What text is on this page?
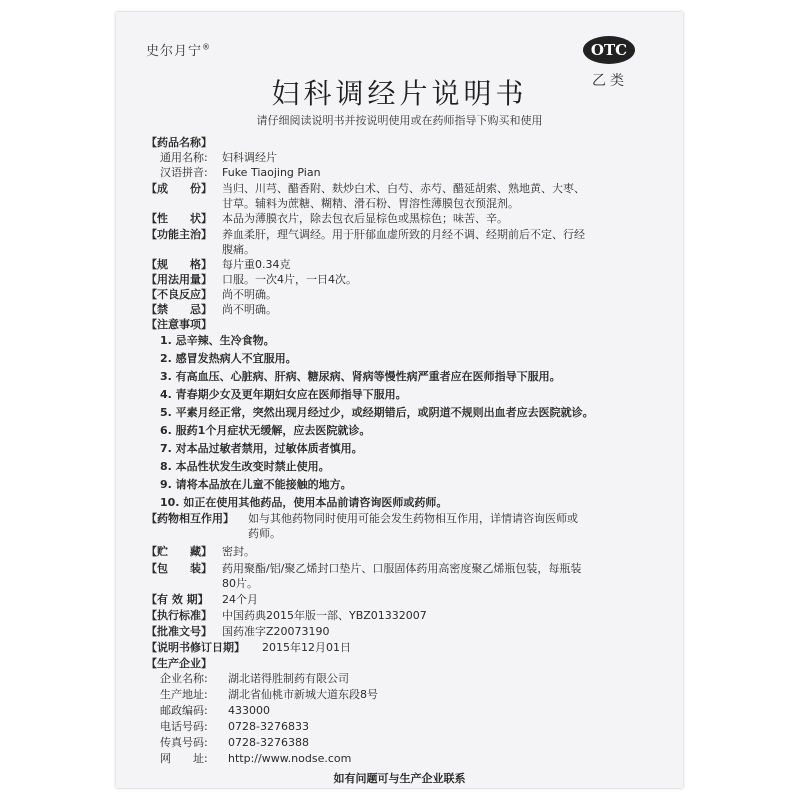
史尔月宁®	OTC
乙类
妇科调经片说明书
请仔细阅读说明书并按说明使用或在药师指导下购买和使用
【药品名称】
通用名称: 妇科调经片
汉语拼音: Fuke Tiaojing Pian
【成　　份】 当归、川芎、醋香附、麸炒白术、白芍、赤芍、醋延胡索、熟地黄、大枣、
甘草。辅料为蔗糖、糊精、滑石粉、胃溶性薄膜包衣预混剂。
【性　　状】 本品为薄膜衣片，除去包衣后显棕色或黑棕色；味苦、辛。
【功能主治】 养血柔肝，理气调经。用于肝郁血虚所致的月经不调、经期前后不定、行经
腹痛。
【规　　格】 每片重0.34克
【用法用量】 口服。一次4片，一日4次。
【不良反应】 尚不明确。
【禁　　忌】 尚不明确。
【注意事项】
1. 忌辛辣、生冷食物。
2. 感冒发热病人不宜服用。
3. 有高血压、心脏病、肝病、糖尿病、肾病等慢性病严重者应在医师指导下服用。
4. 青春期少女及更年期妇女应在医师指导下服用。
5. 平素月经正常，突然出现月经过少，或经期错后，或阴道不规则出血者应去医院就诊。
6. 服药1个月症状无缓解，应去医院就诊。
7. 对本品过敏者禁用，过敏体质者慎用。
8. 本品性状发生改变时禁止使用。
9. 请将本品放在儿童不能接触的地方。
10. 如正在使用其他药品，使用本品前请咨询医师或药师。
【药物相互作用】 如与其他药物同时使用可能会发生药物相互作用，详情请咨询医师或
药师。
【贮　　藏】 密封。
【包　　装】 药用聚酯/铝/聚乙烯封口垫片、口服固体药用高密度聚乙烯瓶包装，每瓶装
80片。
【有 效 期】 24个月
【执行标准】 中国药典2015年版一部、YBZ01332007
【批准文号】 国药准字Z20073190
【说明书修订日期】 2015年12月01日
【生产企业】
企业名称: 湖北诺得胜制药有限公司
生产地址: 湖北省仙桃市新城大道东段8号
邮政编码: 433000
电话号码: 0728-3276833
传真号码: 0728-3276388
网　　址: http://www.nodse.com
如有问题可与生产企业联系
